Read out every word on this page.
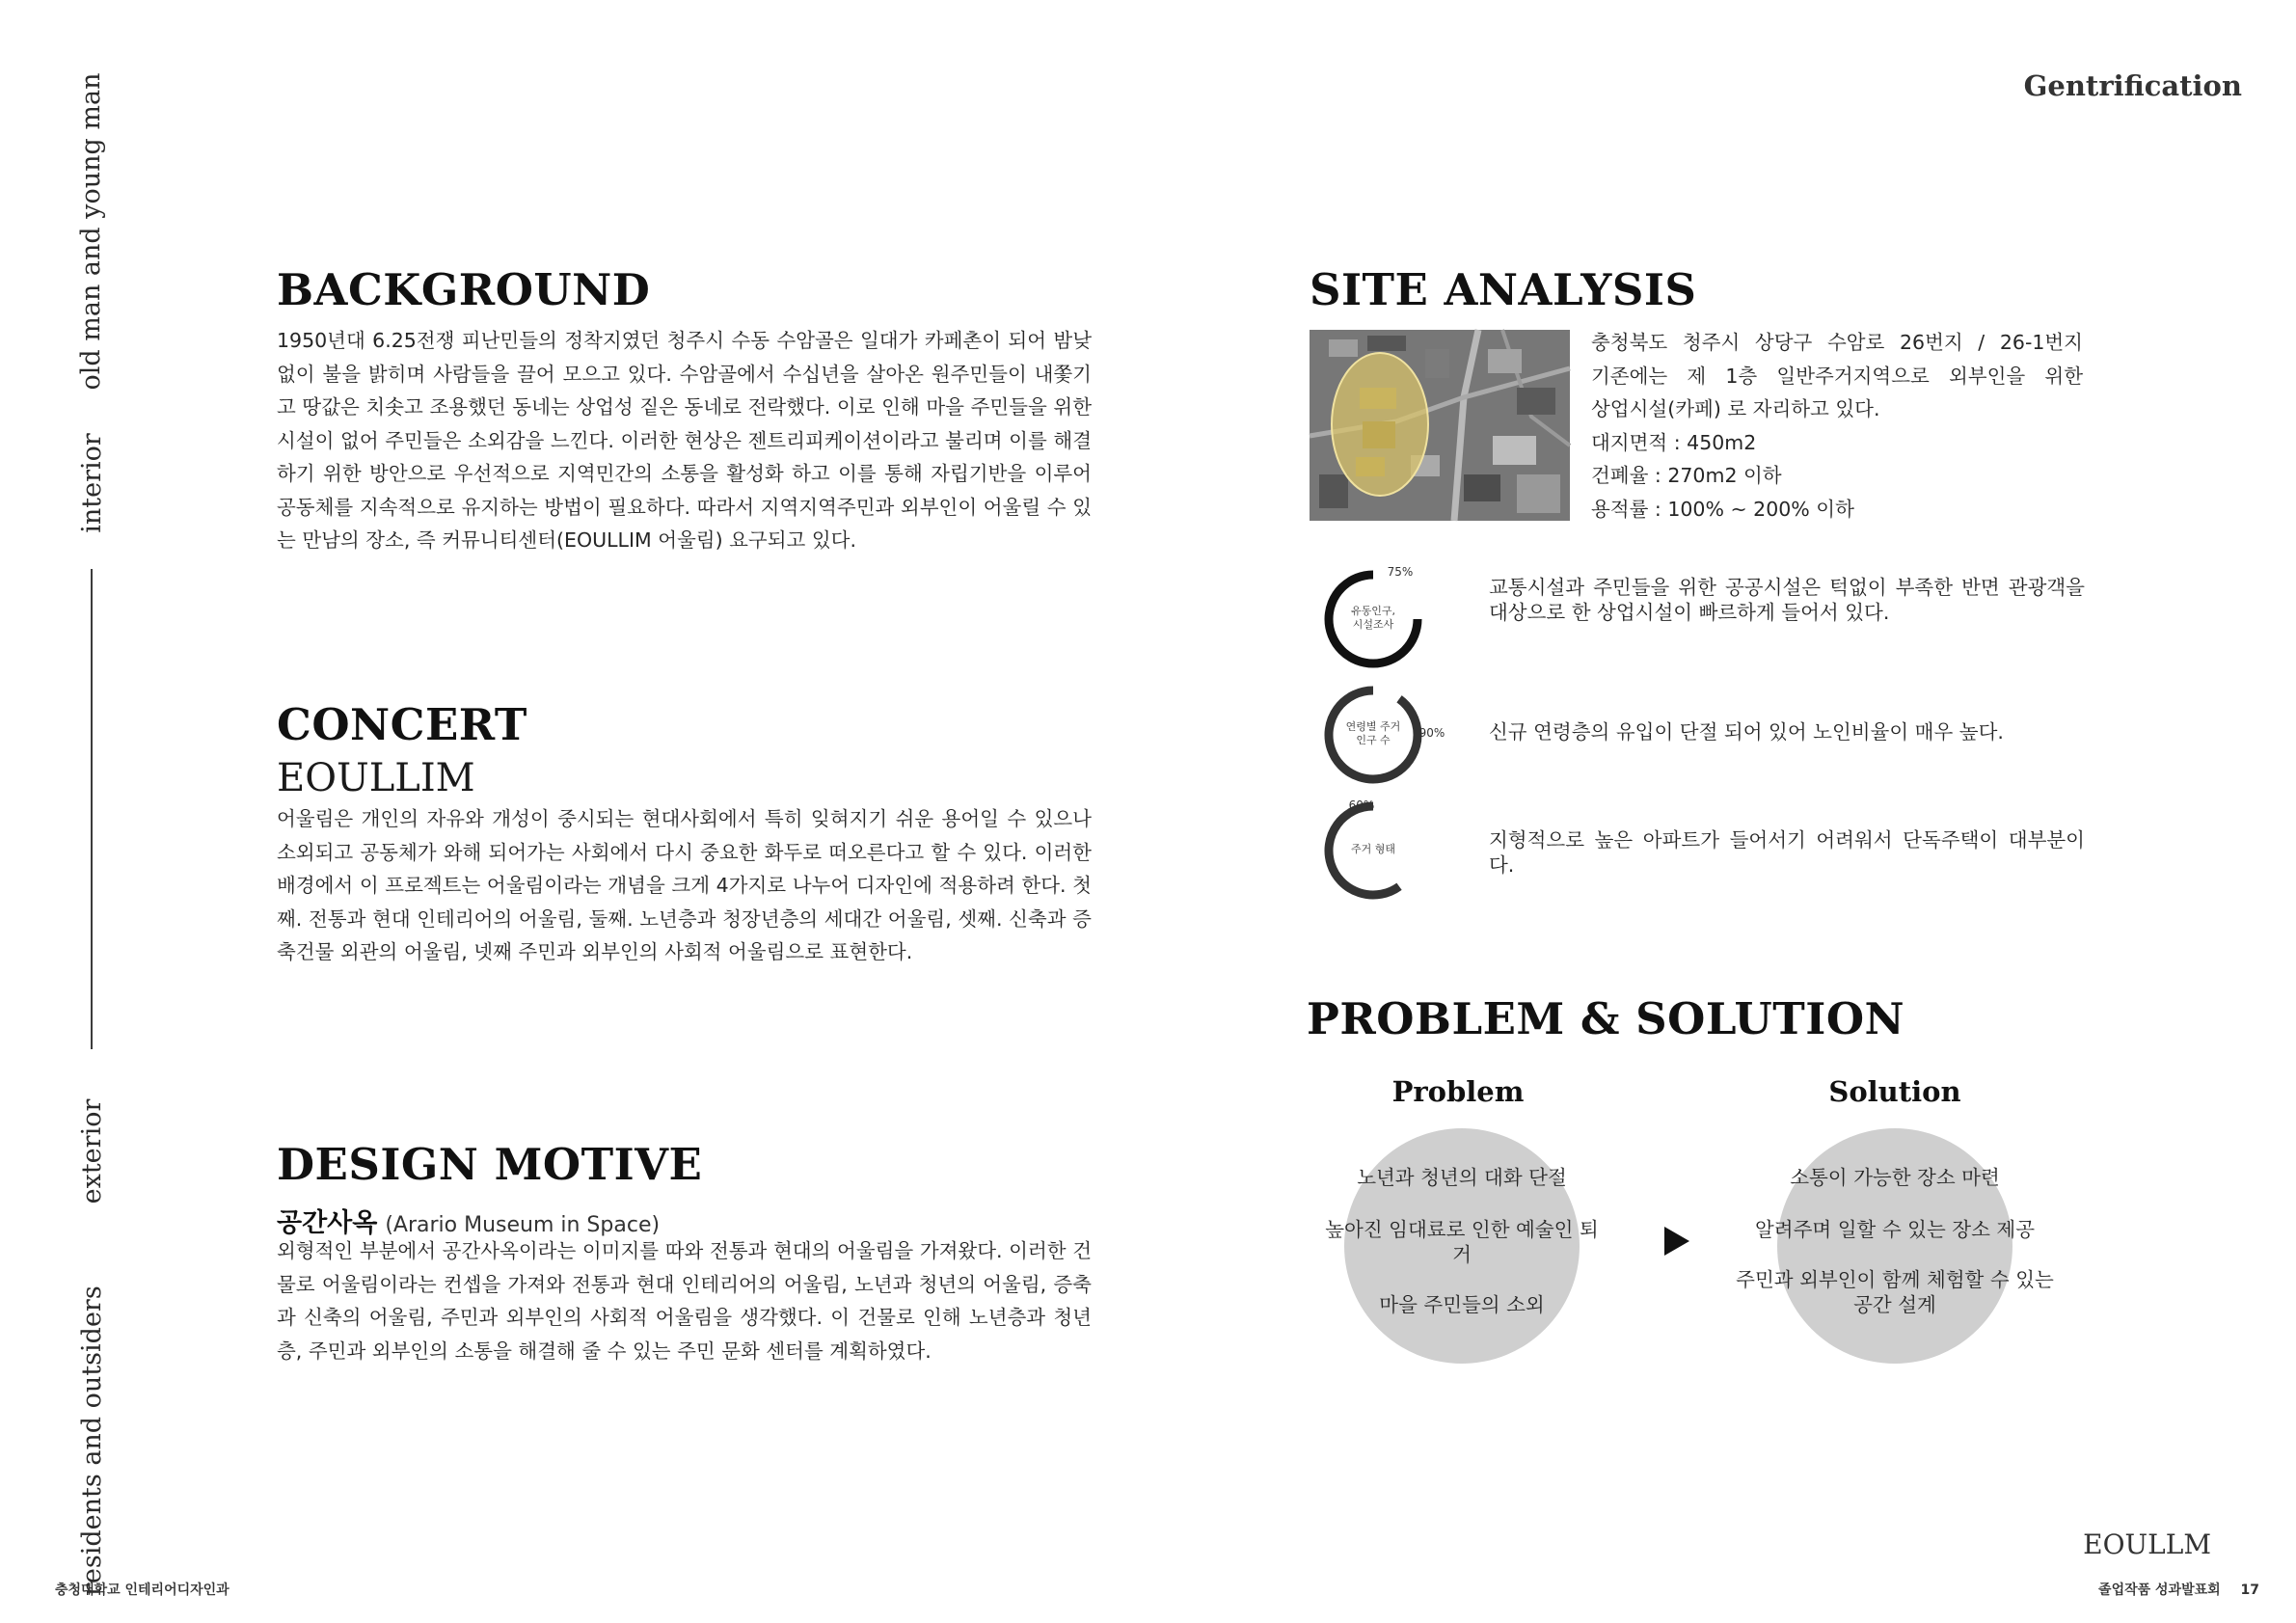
Gentrification
old man and young man
interior
exterior
residents and outsiders
BACKGROUND
1950년대 6.25전쟁 피난민들의 정착지였던 청주시 수동 수암골은 일대가 카페촌이 되어 밤낮 없이 불을 밝히며 사람들을 끌어 모으고 있다. 수암골에서 수십년을 살아온 원주민들이 내쫓기고 땅값은 치솟고 조용했던 동네는 상업성 짙은 동네로 전락했다. 이로 인해 마을 주민들을 위한 시설이 없어 주민들은 소외감을 느낀다. 이러한 현상은 젠트리피케이션이라고 불리며 이를 해결하기 위한 방안으로 우선적으로 지역민간의 소통을 활성화 하고 이를 통해 자립기반을 이루어 공동체를 지속적으로 유지하는 방법이 필요하다. 따라서 지역지역주민과 외부인이 어울릴 수 있는 만남의 장소, 즉 커뮤니티센터(EOULLIM 어울림) 요구되고 있다.
CONCERT
EOULLIM
어울림은 개인의 자유와 개성이 중시되는 현대사회에서 특히 잊혀지기 쉬운 용어일 수 있으나 소외되고 공동체가 와해 되어가는 사회에서 다시 중요한 화두로 떠오른다고 할 수 있다. 이러한 배경에서 이 프로젝트는 어울림이라는 개념을 크게 4가지로 나누어 디자인에 적용하려 한다. 첫째. 전통과 현대 인테리어의 어울림, 둘째. 노년층과 청장년층의 세대간 어울림, 셋째. 신축과 증축건물 외관의 어울림, 넷째 주민과 외부인의 사회적 어울림으로 표현한다.
DESIGN MOTIVE
공간사옥 (Arario Museum in Space)
외형적인 부분에서 공간사옥이라는 이미지를 따와 전통과 현대의 어울림을 가져왔다. 이러한 건물로 어울림이라는 컨셉을 가져와 전통과 현대 인테리어의 어울림, 노년과 청년의 어울림, 증축과 신축의 어울림, 주민과 외부인의 사회적 어울림을 생각했다. 이 건물로 인해 노년층과 청년층, 주민과 외부인의 소통을 해결해 줄 수 있는 주민 문화 센터를 계획하였다.
SITE ANALYSIS
충청북도 청주시 상당구 수암로 26번지 / 26-1번지
기존에는 제 1층 일반주거지역으로 외부인을 위한
상업시설(카페) 로 자리하고 있다.
대지면적 : 450m2
건폐율 : 270m2 이하
용적률 : 100% ~ 200% 이하
유동인구,
시설조사
75%
교통시설과 주민들을 위한 공공시설은 턱없이 부족한 반면 관광객을 대상으로 한 상업시설이 빠르하게 들어서 있다.
연령별 주거
인구 수
90% 신규 연령층의 유입이 단절 되어 있어 노인비율이 매우 높다.
주거 형태
60%
지형적으로 높은 아파트가 들어서기 어려워서 단독주택이 대부분이다.
PROBLEM & SOLUTION
Problem	Solution
노년과 청년의 대화 단절
높아진 임대료로 인한 예술인 퇴거
마을 주민들의 소외
소통이 가능한 장소 마련
알려주며 일할 수 있는 장소 제공
주민과 외부인이 함께 체험할 수 있는 공간 설계
EOULLM
충청대학교 인테리어디자인과	졸업작품 성과발표회 17
